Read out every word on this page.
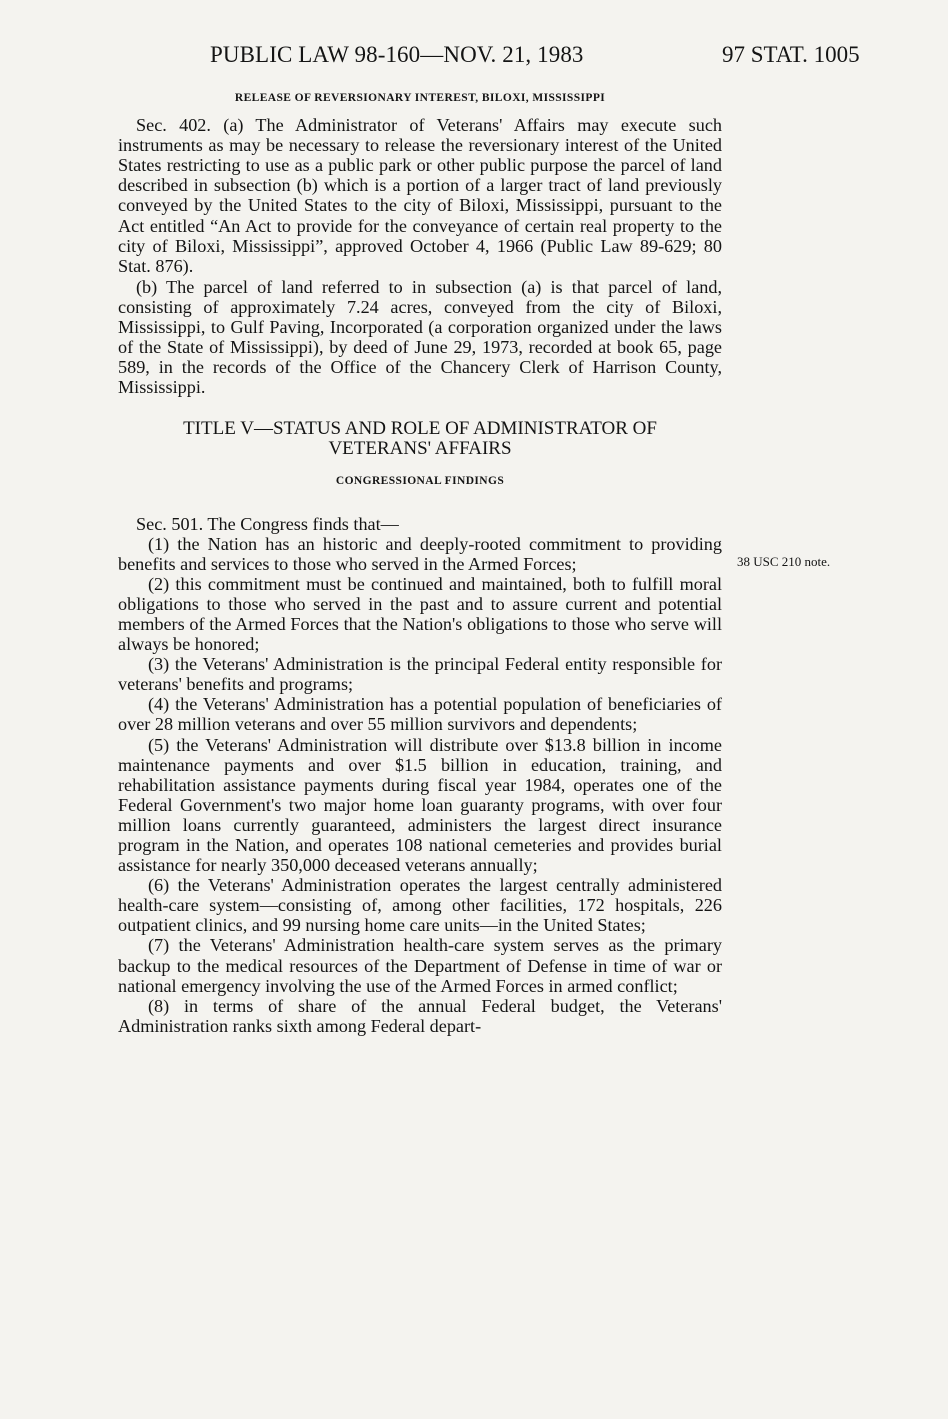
PUBLIC LAW 98-160—NOV. 21, 1983	97 STAT. 1005
RELEASE OF REVERSIONARY INTEREST, BILOXI, MISSISSIPPI

Sec. 402. (a) The Administrator of Veterans' Affairs may execute such instruments as may be necessary to release the reversionary interest of the United States restricting to use as a public park or other public purpose the parcel of land described in subsection (b) which is a portion of a larger tract of land previously conveyed by the United States to the city of Biloxi, Mississippi, pursuant to the Act entitled “An Act to provide for the conveyance of certain real property to the city of Biloxi, Mississippi”, approved October 4, 1966 (Public Law 89-629; 80 Stat. 876).

(b) The parcel of land referred to in subsection (a) is that parcel of land, consisting of approximately 7.24 acres, conveyed from the city of Biloxi, Mississippi, to Gulf Paving, Incorporated (a corporation organized under the laws of the State of Mississippi), by deed of June 29, 1973, recorded at book 65, page 589, in the records of the Office of the Chancery Clerk of Harrison County, Mississippi.

TITLE V—STATUS AND ROLE OF ADMINISTRATOR OF
VETERANS' AFFAIRS
CONGRESSIONAL FINDINGS

Sec. 501. The Congress finds that—

(1) the Nation has an historic and deeply-rooted commitment to providing benefits and services to those who served in the Armed Forces;

(2) this commitment must be continued and maintained, both to fulfill moral obligations to those who served in the past and to assure current and potential members of the Armed Forces that the Nation's obligations to those who serve will always be honored;

(3) the Veterans' Administration is the principal Federal entity responsible for veterans' benefits and programs;

(4) the Veterans' Administration has a potential population of beneficiaries of over 28 million veterans and over 55 million survivors and dependents;

(5) the Veterans' Administration will distribute over $13.8 billion in income maintenance payments and over $1.5 billion in education, training, and rehabilitation assistance payments during fiscal year 1984, operates one of the Federal Government's two major home loan guaranty programs, with over four million loans currently guaranteed, administers the largest direct insurance program in the Nation, and operates 108 national cemeteries and provides burial assistance for nearly 350,000 deceased veterans annually;

(6) the Veterans' Administration operates the largest centrally administered health-care system—consisting of, among other facilities, 172 hospitals, 226 outpatient clinics, and 99 nursing home care units—in the United States;

(7) the Veterans' Administration health-care system serves as the primary backup to the medical resources of the Department of Defense in time of war or national emergency involving the use of the Armed Forces in armed conflict;

(8) in terms of share of the annual Federal budget, the Veterans' Administration ranks sixth among Federal depart-

38 USC 210 note.
